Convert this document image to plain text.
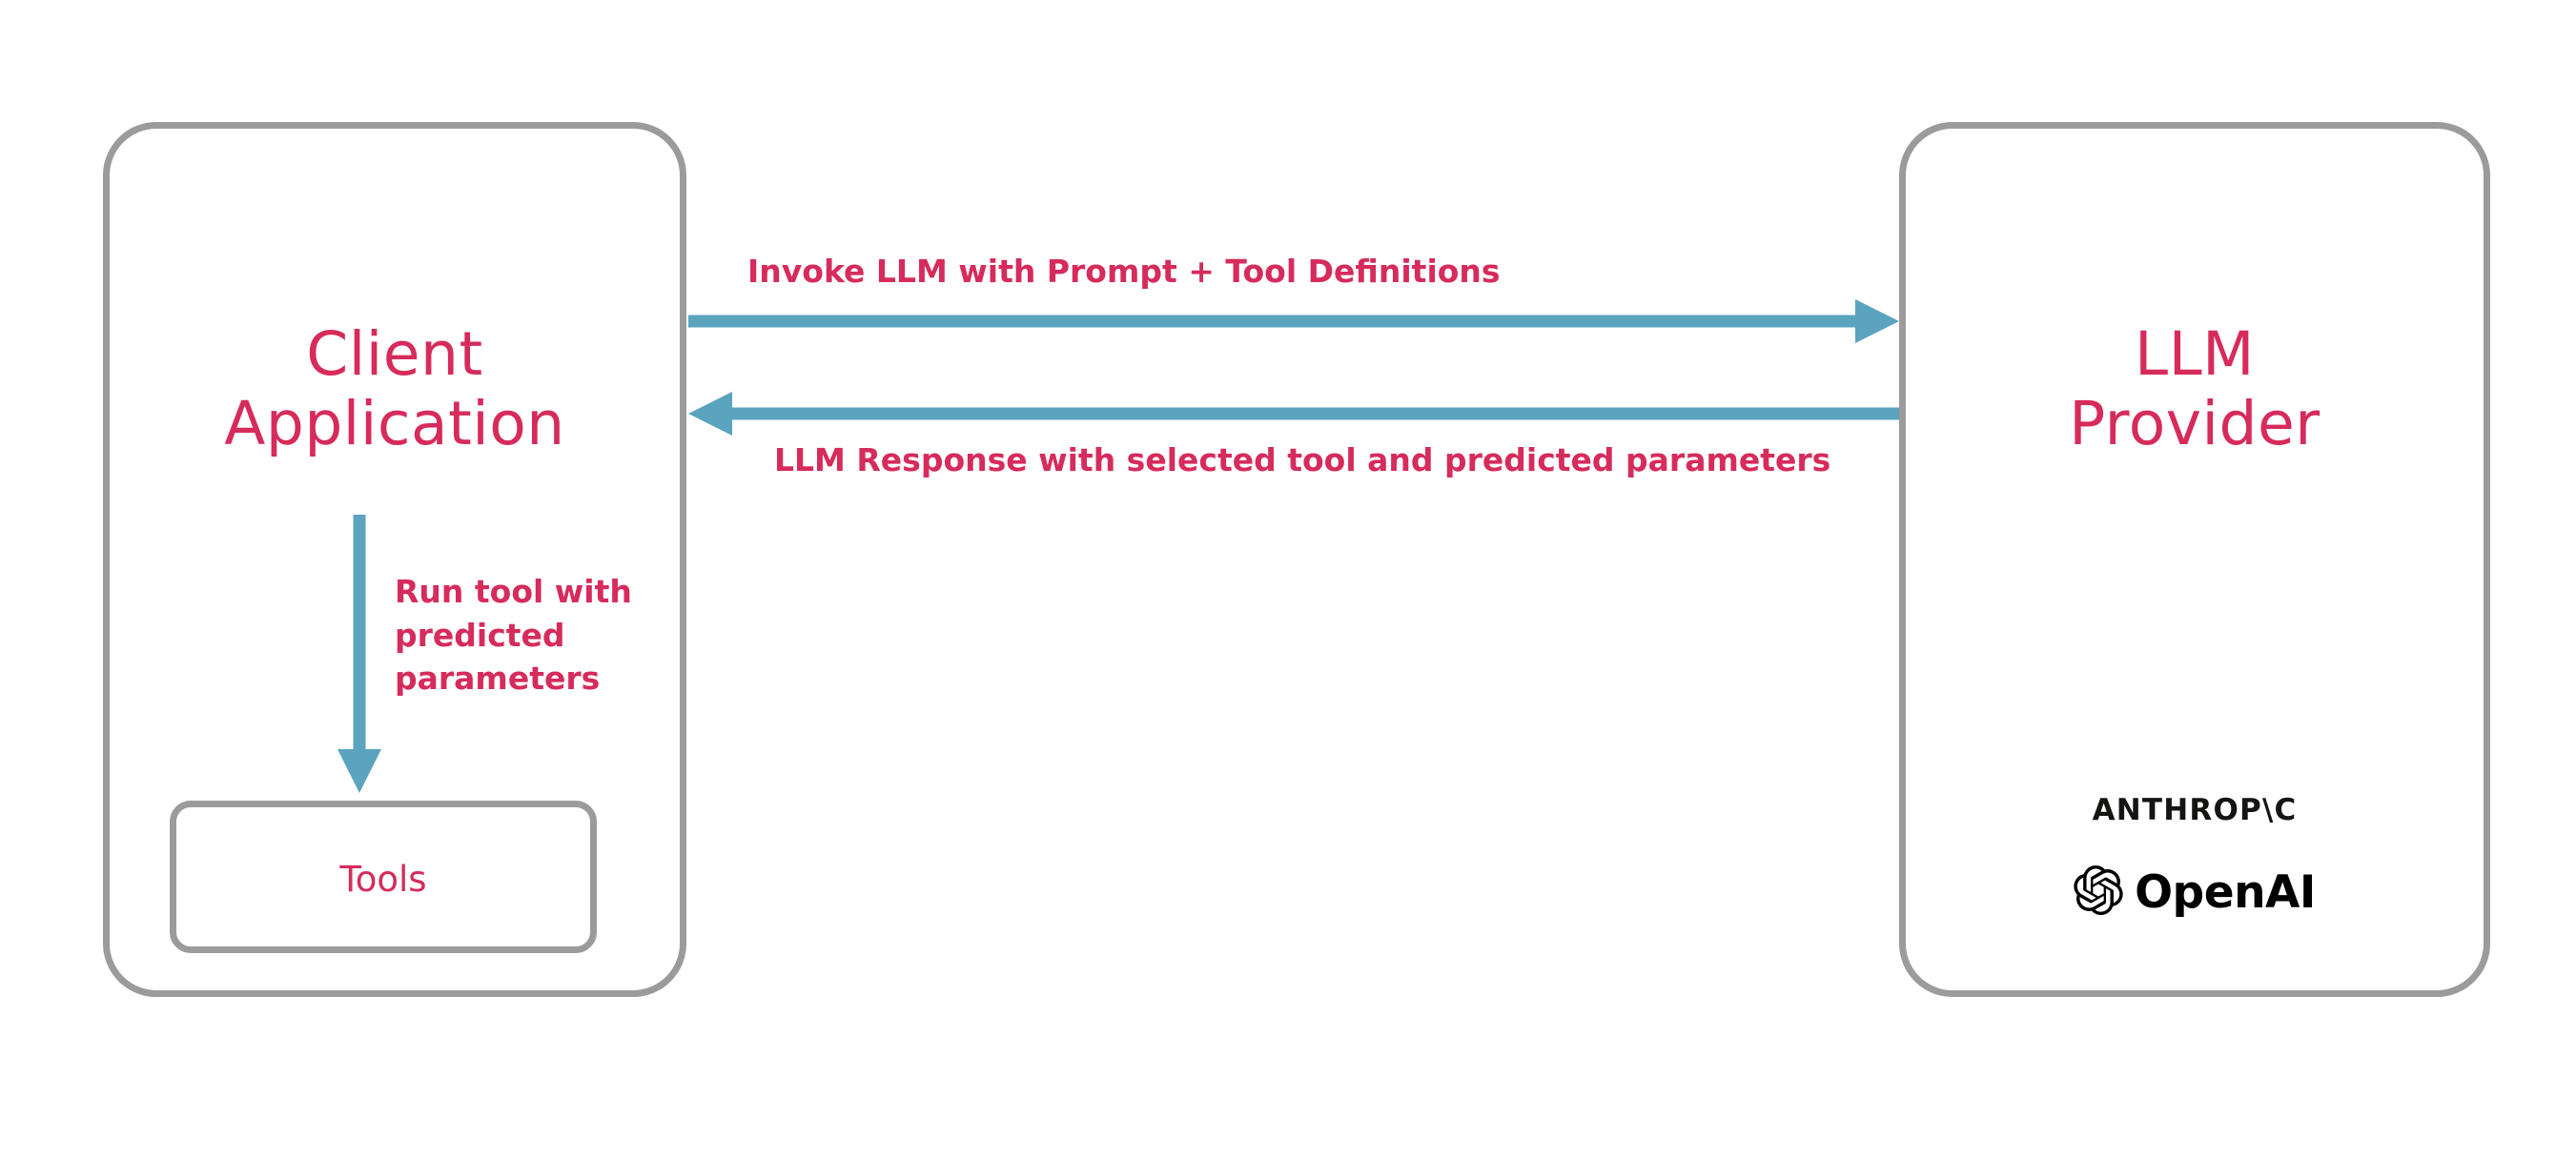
Client
Application
Tools
LLM
Provider
ANTHROP\C
OpenAI
Invoke LLM with Prompt + Tool Definitions
LLM Response with selected tool and predicted parameters
Run tool with predicted parameters
